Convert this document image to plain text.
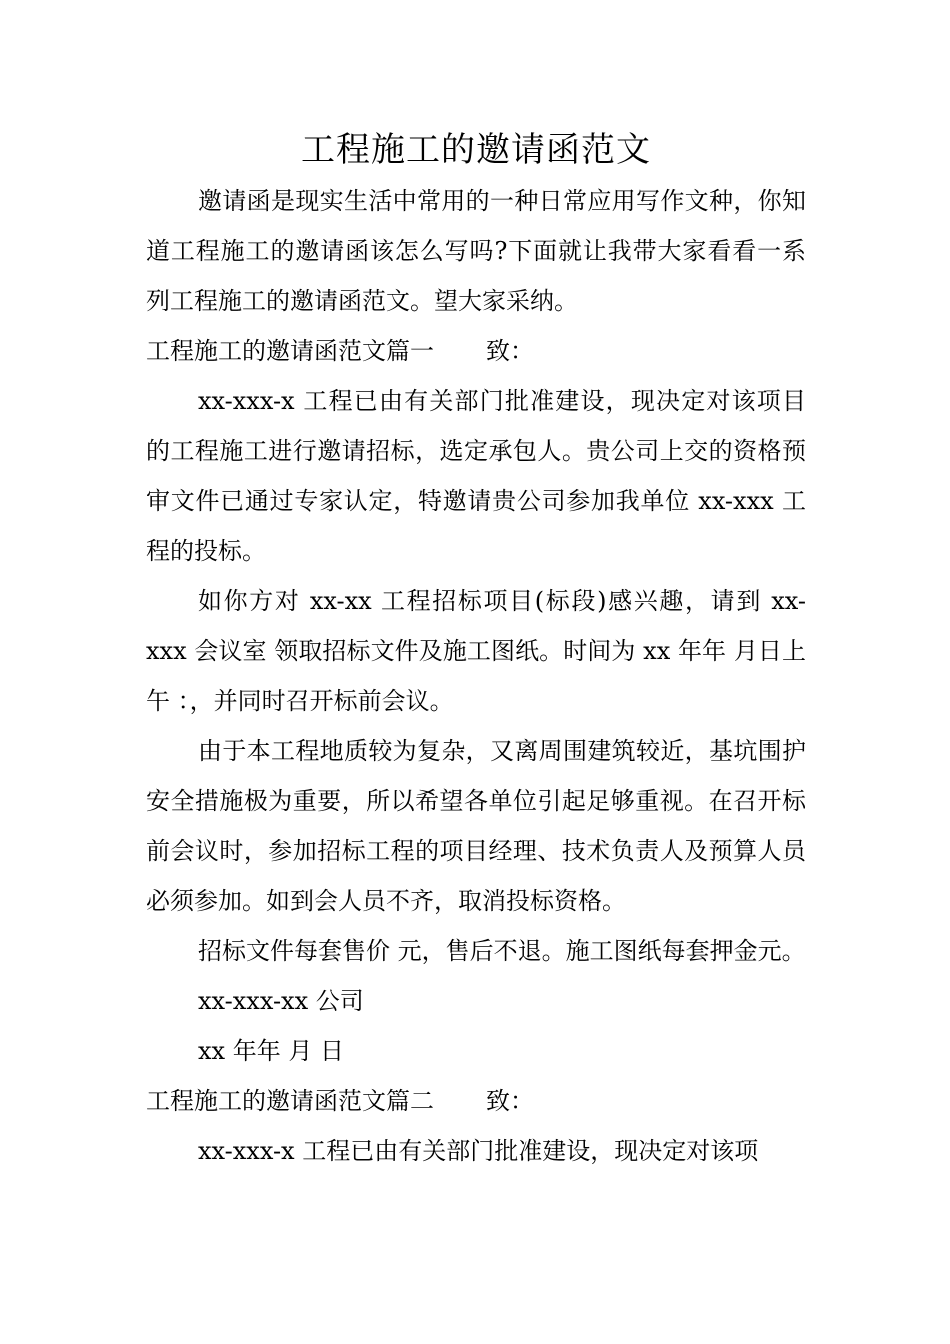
工程施工的邀请函范文

邀请函是现实生活中常用的一种日常应用写作文种，你知道工程施工的邀请函该怎么写吗?下面就让我带大家看看一系列工程施工的邀请函范文。望大家采纳。

工程施工的邀请函范文篇一 致：

xx-xxx-x 工程已由有关部门批准建设，现决定对该项目的工程施工进行邀请招标，选定承包人。贵公司上交的资格预审文件已通过专家认定，特邀请贵公司参加我单位 xx-xxx 工程的投标。

如你方对 xx-xx 工程招标项目(标段)感兴趣，请到 xx-xxx 会议室 领取招标文件及施工图纸。时间为 xx 年年 月日上午 ：，并同时召开标前会议。

由于本工程地质较为复杂，又离周围建筑较近，基坑围护安全措施极为重要，所以希望各单位引起足够重视。在召开标前会议时，参加招标工程的项目经理、技术负责人及预算人员必须参加。如到会人员不齐，取消投标资格。

招标文件每套售价 元，售后不退。施工图纸每套押金元。

xx-xxx-xx 公司

xx 年年 月 日

工程施工的邀请函范文篇二 致：

xx-xxx-x 工程已由有关部门批准建设，现决定对该项
